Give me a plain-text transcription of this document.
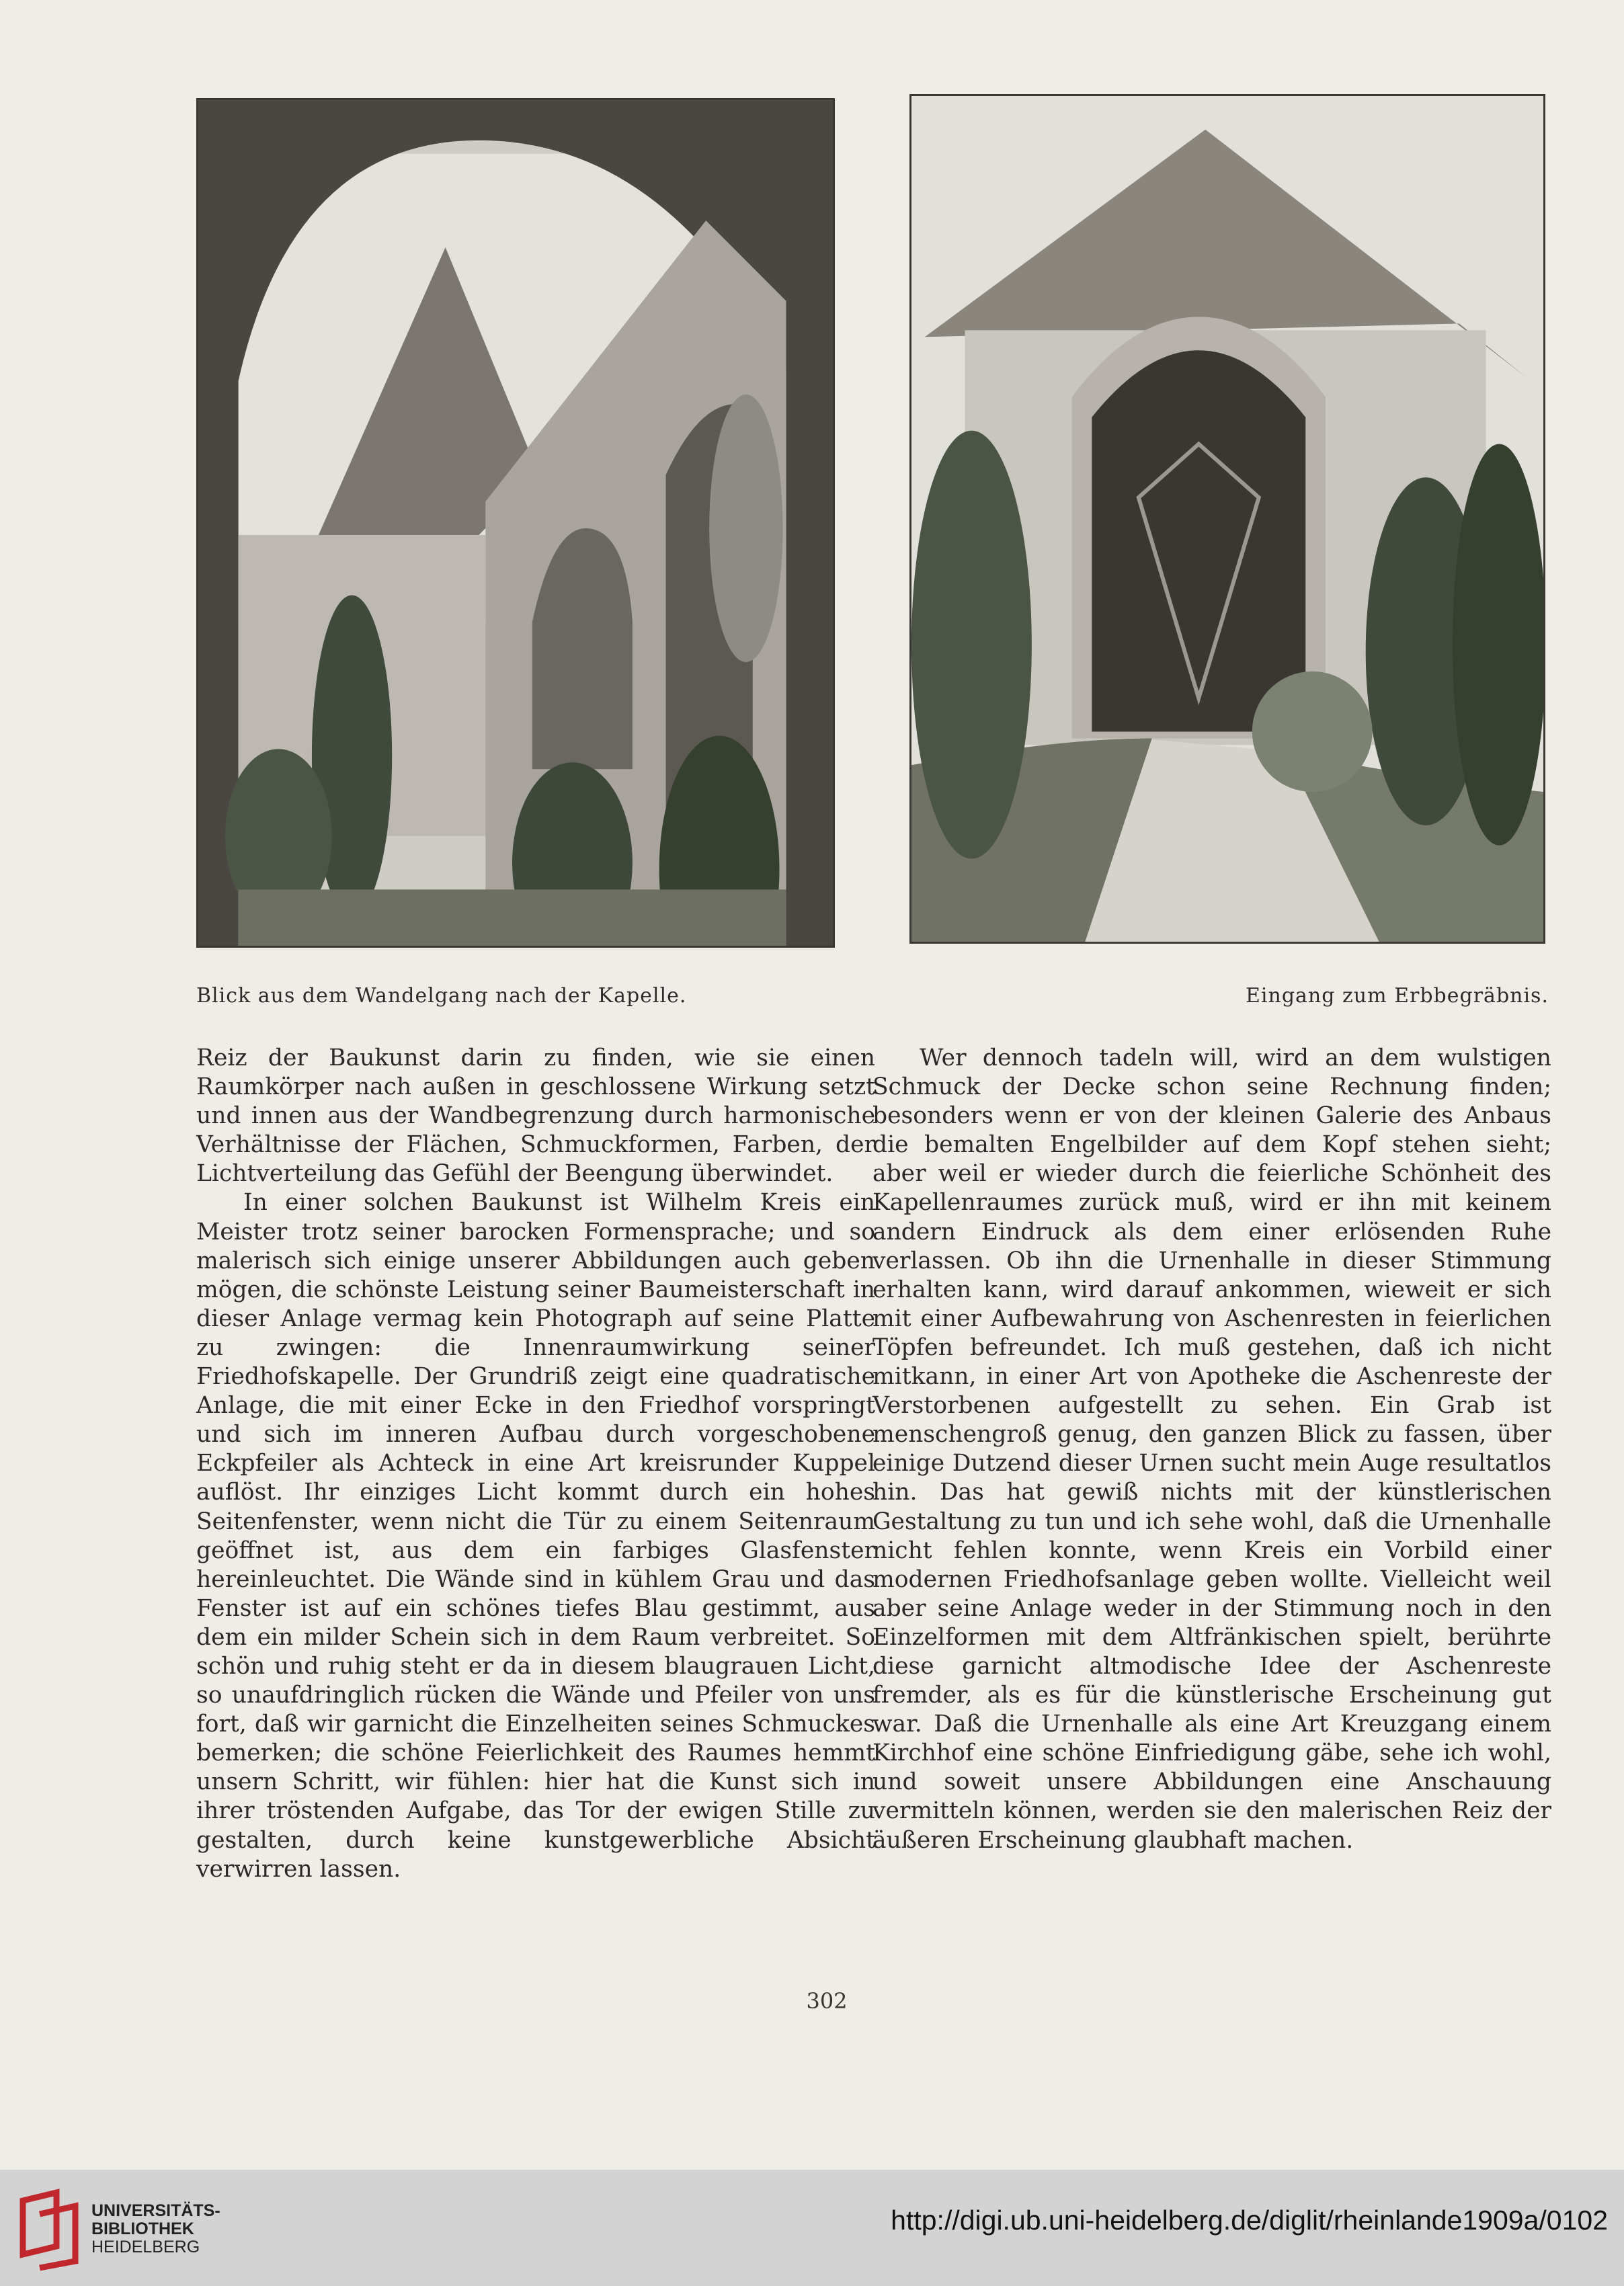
Blick aus dem Wandelgang nach der Kapelle.	Eingang zum Erbbegräbnis.

Reiz der Baukunst darin zu finden, wie sie einen Raumkörper nach außen in geschlossene Wirkung setzt und innen aus der Wandbegrenzung durch harmonische Verhältnisse der Flächen, Schmuckformen, Farben, der Lichtverteilung das Gefühl der Beengung überwindet.

In einer solchen Baukunst ist Wilhelm Kreis ein Meister trotz seiner barocken Formensprache; und so malerisch sich einige unserer Abbildungen auch geben mögen, die schönste Leistung seiner Baumeisterschaft in dieser Anlage vermag kein Photograph auf seine Platte zu zwingen: die Innenraumwirkung seiner Friedhofskapelle. Der Grundriß zeigt eine quadratische Anlage, die mit einer Ecke in den Friedhof vorspringt und sich im inneren Aufbau durch vorgeschobene Eckpfeiler als Achteck in eine Art kreisrunder Kuppel auflöst. Ihr einziges Licht kommt durch ein hohes Seitenfenster, wenn nicht die Tür zu einem Seitenraum geöffnet ist, aus dem ein farbiges Glasfenster hereinleuchtet. Die Wände sind in kühlem Grau und das Fenster ist auf ein schönes tiefes Blau gestimmt, aus dem ein milder Schein sich in dem Raum verbreitet. So schön und ruhig steht er da in diesem blaugrauen Licht, so unaufdringlich rücken die Wände und Pfeiler von uns fort, daß wir garnicht die Einzelheiten seines Schmuckes bemerken; die schöne Feierlichkeit des Raumes hemmt unsern Schritt, wir fühlen: hier hat die Kunst sich in ihrer tröstenden Aufgabe, das Tor der ewigen Stille zu gestalten, durch keine kunstgewerbliche Absicht verwirren lassen.

Wer dennoch tadeln will, wird an dem wulstigen Schmuck der Decke schon seine Rechnung finden; besonders wenn er von der kleinen Galerie des Anbaus die bemalten Engelbilder auf dem Kopf stehen sieht; aber weil er wieder durch die feierliche Schönheit des Kapellenraumes zurück muß, wird er ihn mit keinem andern Eindruck als dem einer erlösenden Ruhe verlassen. Ob ihn die Urnenhalle in dieser Stimmung erhalten kann, wird darauf ankommen, wieweit er sich mit einer Aufbewahrung von Aschenresten in feierlichen Töpfen befreundet. Ich muß gestehen, daß ich nicht mitkann, in einer Art von Apotheke die Aschenreste der Verstorbenen aufgestellt zu sehen. Ein Grab ist menschengroß genug, den ganzen Blick zu fassen, über einige Dutzend dieser Urnen sucht mein Auge resultatlos hin. Das hat gewiß nichts mit der künstlerischen Gestaltung zu tun und ich sehe wohl, daß die Urnenhalle nicht fehlen konnte, wenn Kreis ein Vorbild einer modernen Friedhofsanlage geben wollte. Vielleicht weil aber seine Anlage weder in der Stimmung noch in den Einzelformen mit dem Altfränkischen spielt, berührte diese garnicht altmodische Idee der Aschenreste fremder, als es für die künstlerische Erscheinung gut war. Daß die Urnenhalle als eine Art Kreuzgang einem Kirchhof eine schöne Einfriedigung gäbe, sehe ich wohl, und soweit unsere Abbildungen eine Anschauung vermitteln können, werden sie den malerischen Reiz der äußeren Erscheinung glaubhaft machen.

302
UNIVERSITÄTS-
BIBLIOTHEK
HEIDELBERG
http://digi.ub.uni-heidelberg.de/diglit/rheinlande1909a/0102
